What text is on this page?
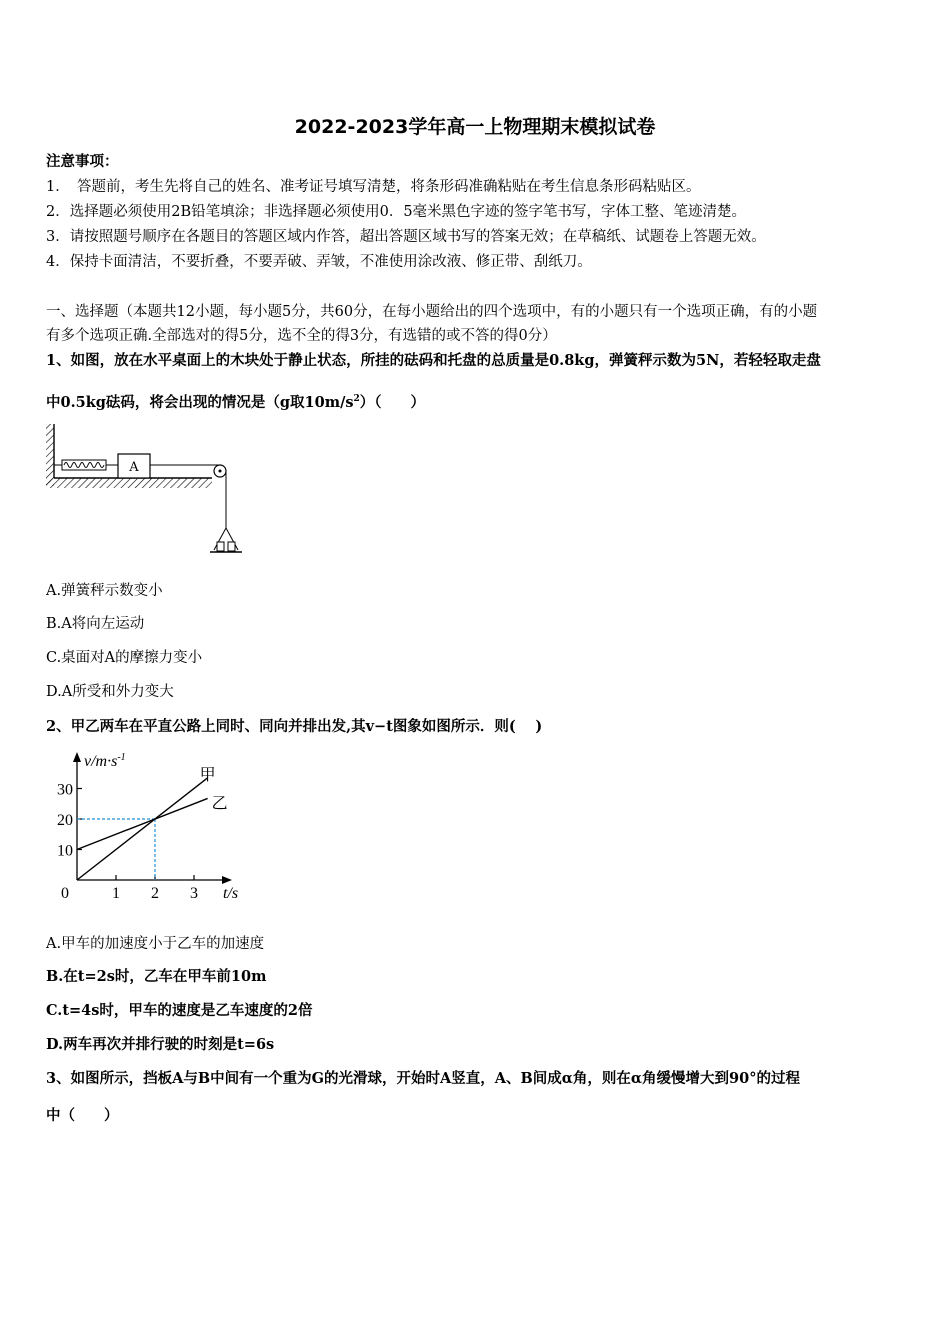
2022-2023学年高一上物理期末模拟试卷
注意事项：
1．　答题前，考生先将自己的姓名、准考证号填写清楚，将条形码准确粘贴在考生信息条形码粘贴区。
2．选择题必须使用2B铅笔填涂；非选择题必须使用0．5毫米黑色字迹的签字笔书写，字体工整、笔迹清楚。
3．请按照题号顺序在各题目的答题区域内作答，超出答题区域书写的答案无效；在草稿纸、试题卷上答题无效。
4．保持卡面清洁，不要折叠，不要弄破、弄皱，不准使用涂改液、修正带、刮纸刀。
一、选择题（本题共12小题，每小题5分，共60分，在每小题给出的四个选项中，有的小题只有一个选项正确，有的小题
有多个选项正确.全部选对的得5分，选不全的得3分，有选错的或不答的得0分）
1、如图，放在水平桌面上的木块处于静止状态，所挂的砝码和托盘的总质量是0.8kg，弹簧秤示数为5N，若轻轻取走盘
中0.5kg砝码，将会出现的情况是（g取$10m/s^2$）（　　）
A
A.弹簧秤示数变小
B.A将向左运动
C.桌面对A的摩擦力变小
D.A所受和外力变大
2、甲乙两车在平直公路上同时、同向并排出发,其v−t图象如图所示．则(　 )
$v/m\cdot s^{-1}$
t/s
0	1 2 3
10
20
30
甲
乙
A.甲车的加速度小于乙车的加速度
B.在t=2s时，乙车在甲车前10m
C.t=4s时，甲车的速度是乙车速度的2倍
D.两车再次并排行驶的时刻是t=6s
3、如图所示，挡板A与B中间有一个重为G的光滑球，开始时A竖直，A、B间成α角，则在α角缓慢增大到90°的过程
中（　　）
